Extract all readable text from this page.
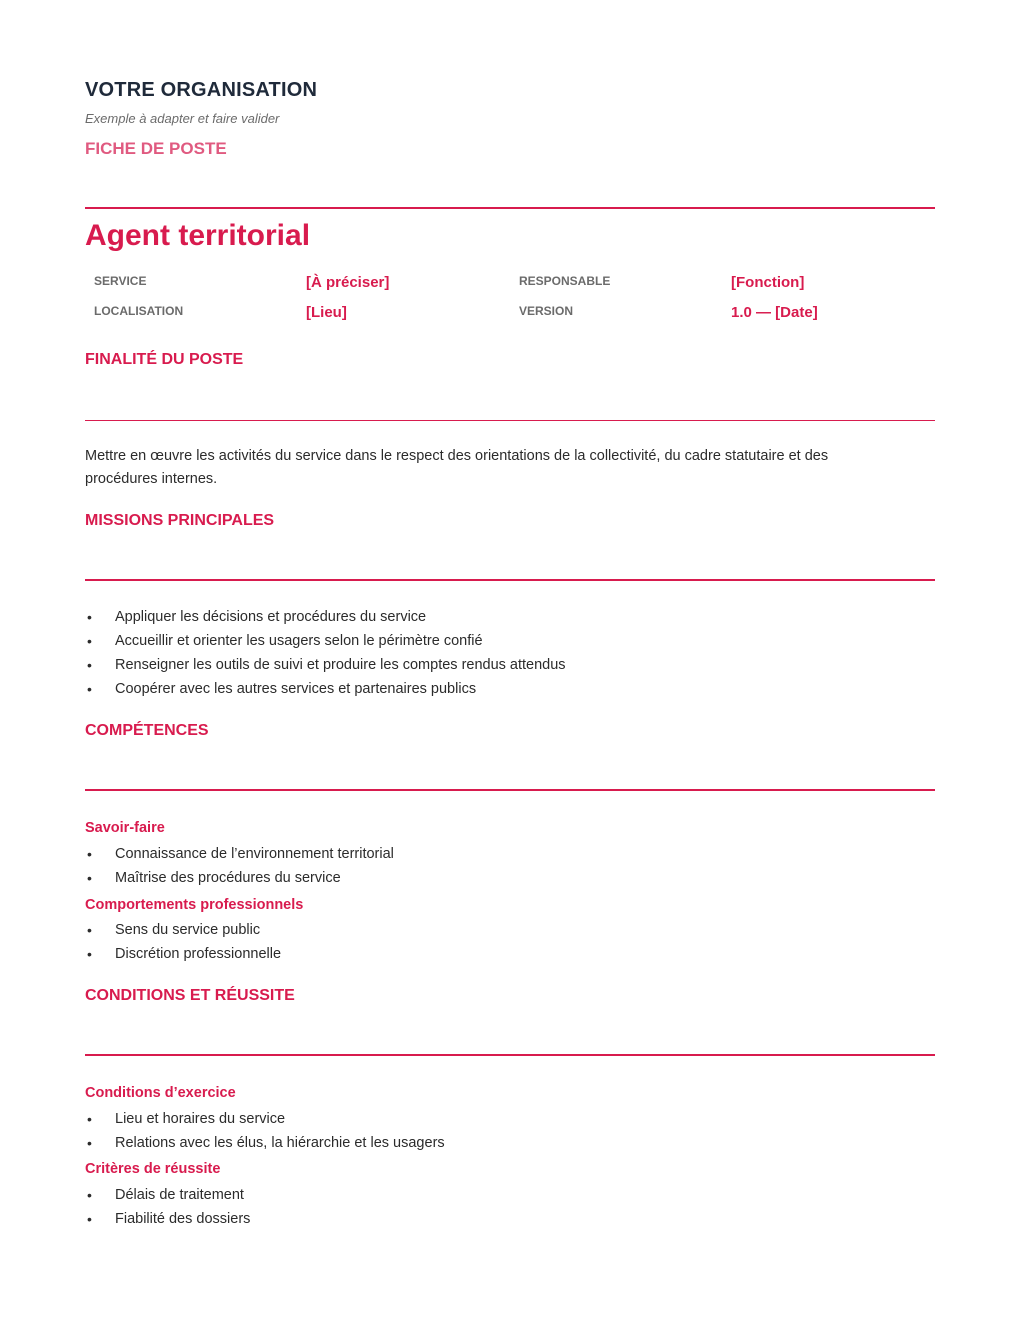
VOTRE ORGANISATION
Exemple à adapter et faire valider
FICHE DE POSTE
Agent territorial
SERVICE	[À préciser]	RESPONSABLE	[Fonction]
LOCALISATION	[Lieu]	VERSION	1.0 — [Date]
FINALITÉ DU POSTE
Mettre en œuvre les activités du service dans le respect des orientations de la collectivité, du cadre statutaire et des procédures internes.
MISSIONS PRINCIPALES
• Appliquer les décisions et procédures du service
• Accueillir et orienter les usagers selon le périmètre confié
• Renseigner les outils de suivi et produire les comptes rendus attendus
• Coopérer avec les autres services et partenaires publics
COMPÉTENCES
Savoir-faire
• Connaissance de l’environnement territorial
• Maîtrise des procédures du service
Comportements professionnels
• Sens du service public
• Discrétion professionnelle
CONDITIONS ET RÉUSSITE
Conditions d’exercice
• Lieu et horaires du service
• Relations avec les élus, la hiérarchie et les usagers
Critères de réussite
• Délais de traitement
• Fiabilité des dossiers
